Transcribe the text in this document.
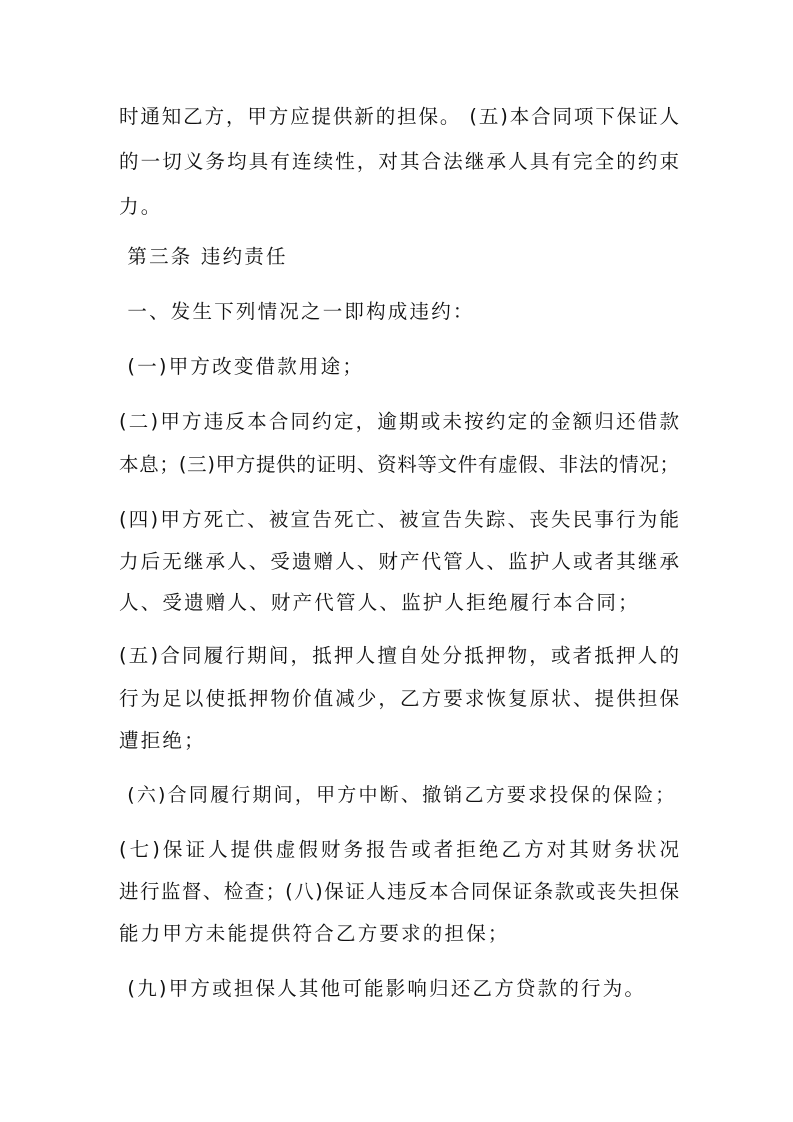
时通知乙方，甲方应提供新的担保。 (五)本合同项下保证人
的一切义务均具有连续性，对其合法继承人具有完全的约束
力。
第三条 违约责任
一、发生下列情况之一即构成违约：
(一)甲方改变借款用途；
(二)甲方违反本合同约定，逾期或未按约定的金额归还借款
本息；(三)甲方提供的证明、资料等文件有虚假、非法的情况；
(四)甲方死亡、被宣告死亡、被宣告失踪、丧失民事行为能
力后无继承人、受遗赠人、财产代管人、监护人或者其继承
人、受遗赠人、财产代管人、监护人拒绝履行本合同；
(五)合同履行期间，抵押人擅自处分抵押物，或者抵押人的
行为足以使抵押物价值减少，乙方要求恢复原状、提供担保
遭拒绝；
(六)合同履行期间，甲方中断、撤销乙方要求投保的保险；
(七)保证人提供虚假财务报告或者拒绝乙方对其财务状况
进行监督、检查；(八)保证人违反本合同保证条款或丧失担保
能力甲方未能提供符合乙方要求的担保；
(九)甲方或担保人其他可能影响归还乙方贷款的行为。
